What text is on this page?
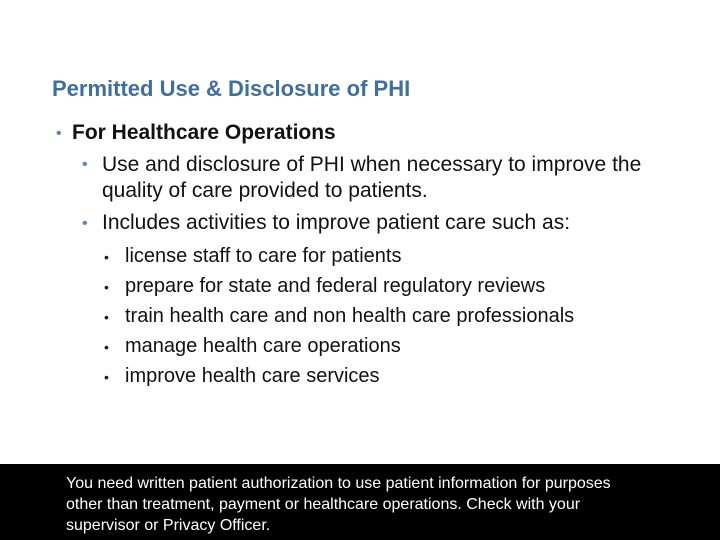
Permitted Use & Disclosure of PHI
• For Healthcare Operations
• Use and disclosure of PHI when necessary to improve the quality of care provided to patients.
• Includes activities to improve patient care such as:
• license staff to care for patients
• prepare for state and federal regulatory reviews
• train health care and non health care professionals
• manage health care operations
• improve health care services
You need written patient authorization to use patient information for purposes other than treatment, payment or healthcare operations. Check with your supervisor or Privacy Officer.
